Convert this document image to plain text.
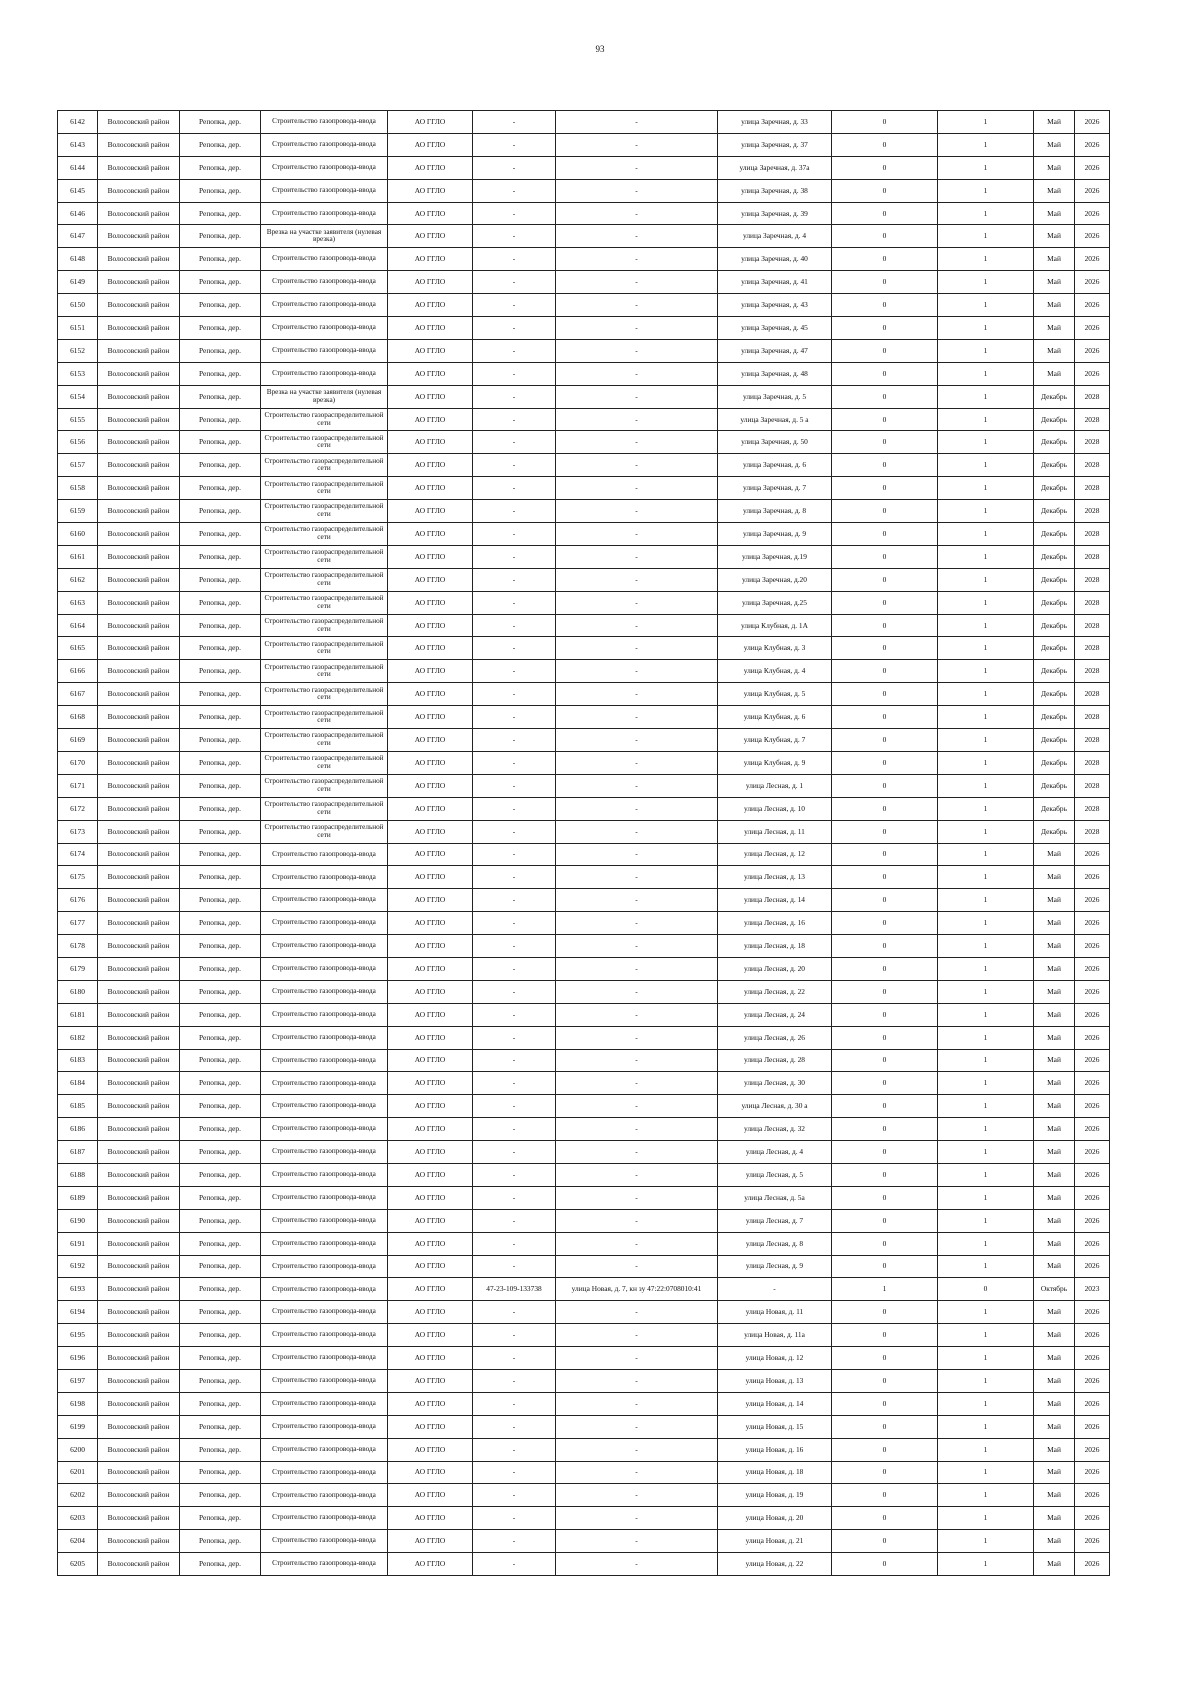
93
6142	Волосовский район	Репопка, дер.	Строительство газопровода-ввода	АО ГГЛО	-	-	улица Заречная, д. 33	0	1	Май	2026
6143	Волосовский район	Репопка, дер.	Строительство газопровода-ввода	АО ГГЛО	-	-	улица Заречная, д. 37	0	1	Май	2026
6144	Волосовский район	Репопка, дер.	Строительство газопровода-ввода	АО ГГЛО	-	-	улица Заречная, д. 37а	0	1	Май	2026
6145	Волосовский район	Репопка, дер.	Строительство газопровода-ввода	АО ГГЛО	-	-	улица Заречная, д. 38	0	1	Май	2026
6146	Волосовский район	Репопка, дер.	Строительство газопровода-ввода	АО ГГЛО	-	-	улица Заречная, д. 39	0	1	Май	2026
6147	Волосовский район	Репопка, дер.	Врезка на участке заявителя (нулевая врезка)	АО ГГЛО	-	-	улица Заречная, д. 4	0	1	Май	2026
6148	Волосовский район	Репопка, дер.	Строительство газопровода-ввода	АО ГГЛО	-	-	улица Заречная, д. 40	0	1	Май	2026
6149	Волосовский район	Репопка, дер.	Строительство газопровода-ввода	АО ГГЛО	-	-	улица Заречная, д. 41	0	1	Май	2026
6150	Волосовский район	Репопка, дер.	Строительство газопровода-ввода	АО ГГЛО	-	-	улица Заречная, д. 43	0	1	Май	2026
6151	Волосовский район	Репопка, дер.	Строительство газопровода-ввода	АО ГГЛО	-	-	улица Заречная, д. 45	0	1	Май	2026
6152	Волосовский район	Репопка, дер.	Строительство газопровода-ввода	АО ГГЛО	-	-	улица Заречная, д. 47	0	1	Май	2026
6153	Волосовский район	Репопка, дер.	Строительство газопровода-ввода	АО ГГЛО	-	-	улица Заречная, д. 48	0	1	Май	2026
6154	Волосовский район	Репопка, дер.	Врезка на участке заявителя (нулевая врезка)	АО ГГЛО	-	-	улица Заречная, д. 5	0	1	Декабрь	2028
6155	Волосовский район	Репопка, дер.	Строительство газораспределительной сети	АО ГГЛО	-	-	улица Заречная, д. 5 а	0	1	Декабрь	2028
6156	Волосовский район	Репопка, дер.	Строительство газораспределительной сети	АО ГГЛО	-	-	улица Заречная, д. 50	0	1	Декабрь	2028
6157	Волосовский район	Репопка, дер.	Строительство газораспределительной сети	АО ГГЛО	-	-	улица Заречная, д. 6	0	1	Декабрь	2028
6158	Волосовский район	Репопка, дер.	Строительство газораспределительной сети	АО ГГЛО	-	-	улица Заречная, д. 7	0	1	Декабрь	2028
6159	Волосовский район	Репопка, дер.	Строительство газораспределительной сети	АО ГГЛО	-	-	улица Заречная, д. 8	0	1	Декабрь	2028
6160	Волосовский район	Репопка, дер.	Строительство газораспределительной сети	АО ГГЛО	-	-	улица Заречная, д. 9	0	1	Декабрь	2028
6161	Волосовский район	Репопка, дер.	Строительство газораспределительной сети	АО ГГЛО	-	-	улица Заречная, д.19	0	1	Декабрь	2028
6162	Волосовский район	Репопка, дер.	Строительство газораспределительной сети	АО ГГЛО	-	-	улица Заречная, д.20	0	1	Декабрь	2028
6163	Волосовский район	Репопка, дер.	Строительство газораспределительной сети	АО ГГЛО	-	-	улица Заречная, д.25	0	1	Декабрь	2028
6164	Волосовский район	Репопка, дер.	Строительство газораспределительной сети	АО ГГЛО	-	-	улица Клубная, д. 1А	0	1	Декабрь	2028
6165	Волосовский район	Репопка, дер.	Строительство газораспределительной сети	АО ГГЛО	-	-	улица Клубная, д. 3	0	1	Декабрь	2028
6166	Волосовский район	Репопка, дер.	Строительство газораспределительной сети	АО ГГЛО	-	-	улица Клубная, д. 4	0	1	Декабрь	2028
6167	Волосовский район	Репопка, дер.	Строительство газораспределительной сети	АО ГГЛО	-	-	улица Клубная, д. 5	0	1	Декабрь	2028
6168	Волосовский район	Репопка, дер.	Строительство газораспределительной сети	АО ГГЛО	-	-	улица Клубная, д. 6	0	1	Декабрь	2028
6169	Волосовский район	Репопка, дер.	Строительство газораспределительной сети	АО ГГЛО	-	-	улица Клубная, д. 7	0	1	Декабрь	2028
6170	Волосовский район	Репопка, дер.	Строительство газораспределительной сети	АО ГГЛО	-	-	улица Клубная, д. 9	0	1	Декабрь	2028
6171	Волосовский район	Репопка, дер.	Строительство газораспределительной сети	АО ГГЛО	-	-	улица Лесная, д. 1	0	1	Декабрь	2028
6172	Волосовский район	Репопка, дер.	Строительство газораспределительной сети	АО ГГЛО	-	-	улица Лесная, д. 10	0	1	Декабрь	2028
6173	Волосовский район	Репопка, дер.	Строительство газораспределительной сети	АО ГГЛО	-	-	улица Лесная, д. 11	0	1	Декабрь	2028
6174	Волосовский район	Репопка, дер.	Строительство газопровода-ввода	АО ГГЛО	-	-	улица Лесная, д. 12	0	1	Май	2026
6175	Волосовский район	Репопка, дер.	Строительство газопровода-ввода	АО ГГЛО	-	-	улица Лесная, д. 13	0	1	Май	2026
6176	Волосовский район	Репопка, дер.	Строительство газопровода-ввода	АО ГГЛО	-	-	улица Лесная, д. 14	0	1	Май	2026
6177	Волосовский район	Репопка, дер.	Строительство газопровода-ввода	АО ГГЛО	-	-	улица Лесная, д. 16	0	1	Май	2026
6178	Волосовский район	Репопка, дер.	Строительство газопровода-ввода	АО ГГЛО	-	-	улица Лесная, д. 18	0	1	Май	2026
6179	Волосовский район	Репопка, дер.	Строительство газопровода-ввода	АО ГГЛО	-	-	улица Лесная, д. 20	0	1	Май	2026
6180	Волосовский район	Репопка, дер.	Строительство газопровода-ввода	АО ГГЛО	-	-	улица Лесная, д. 22	0	1	Май	2026
6181	Волосовский район	Репопка, дер.	Строительство газопровода-ввода	АО ГГЛО	-	-	улица Лесная, д. 24	0	1	Май	2026
6182	Волосовский район	Репопка, дер.	Строительство газопровода-ввода	АО ГГЛО	-	-	улица Лесная, д. 26	0	1	Май	2026
6183	Волосовский район	Репопка, дер.	Строительство газопровода-ввода	АО ГГЛО	-	-	улица Лесная, д. 28	0	1	Май	2026
6184	Волосовский район	Репопка, дер.	Строительство газопровода-ввода	АО ГГЛО	-	-	улица Лесная, д. 30	0	1	Май	2026
6185	Волосовский район	Репопка, дер.	Строительство газопровода-ввода	АО ГГЛО	-	-	улица Лесная, д. 30 а	0	1	Май	2026
6186	Волосовский район	Репопка, дер.	Строительство газопровода-ввода	АО ГГЛО	-	-	улица Лесная, д. 32	0	1	Май	2026
6187	Волосовский район	Репопка, дер.	Строительство газопровода-ввода	АО ГГЛО	-	-	улица Лесная, д. 4	0	1	Май	2026
6188	Волосовский район	Репопка, дер.	Строительство газопровода-ввода	АО ГГЛО	-	-	улица Лесная, д. 5	0	1	Май	2026
6189	Волосовский район	Репопка, дер.	Строительство газопровода-ввода	АО ГГЛО	-	-	улица Лесная, д. 5а	0	1	Май	2026
6190	Волосовский район	Репопка, дер.	Строительство газопровода-ввода	АО ГГЛО	-	-	улица Лесная, д. 7	0	1	Май	2026
6191	Волосовский район	Репопка, дер.	Строительство газопровода-ввода	АО ГГЛО	-	-	улица Лесная, д. 8	0	1	Май	2026
6192	Волосовский район	Репопка, дер.	Строительство газопровода-ввода	АО ГГЛО	-	-	улица Лесная, д. 9	0	1	Май	2026
6193	Волосовский район	Репопка, дер.	Строительство газопровода-ввода	АО ГГЛО	47-23-109-133738	улица Новая, д. 7, кн зу 47:22:0708010:41	-	1	0	Октябрь	2023
6194	Волосовский район	Репопка, дер.	Строительство газопровода-ввода	АО ГГЛО	-	-	улица Новая, д. 11	0	1	Май	2026
6195	Волосовский район	Репопка, дер.	Строительство газопровода-ввода	АО ГГЛО	-	-	улица Новая, д. 11а	0	1	Май	2026
6196	Волосовский район	Репопка, дер.	Строительство газопровода-ввода	АО ГГЛО	-	-	улица Новая, д. 12	0	1	Май	2026
6197	Волосовский район	Репопка, дер.	Строительство газопровода-ввода	АО ГГЛО	-	-	улица Новая, д. 13	0	1	Май	2026
6198	Волосовский район	Репопка, дер.	Строительство газопровода-ввода	АО ГГЛО	-	-	улица Новая, д. 14	0	1	Май	2026
6199	Волосовский район	Репопка, дер.	Строительство газопровода-ввода	АО ГГЛО	-	-	улица Новая, д. 15	0	1	Май	2026
6200	Волосовский район	Репопка, дер.	Строительство газопровода-ввода	АО ГГЛО	-	-	улица Новая, д. 16	0	1	Май	2026
6201	Волосовский район	Репопка, дер.	Строительство газопровода-ввода	АО ГГЛО	-	-	улица Новая, д. 18	0	1	Май	2026
6202	Волосовский район	Репопка, дер.	Строительство газопровода-ввода	АО ГГЛО	-	-	улица Новая, д. 19	0	1	Май	2026
6203	Волосовский район	Репопка, дер.	Строительство газопровода-ввода	АО ГГЛО	-	-	улица Новая, д. 20	0	1	Май	2026
6204	Волосовский район	Репопка, дер.	Строительство газопровода-ввода	АО ГГЛО	-	-	улица Новая, д. 21	0	1	Май	2026
6205	Волосовский район	Репопка, дер.	Строительство газопровода-ввода	АО ГГЛО	-	-	улица Новая, д. 22	0	1	Май	2026
